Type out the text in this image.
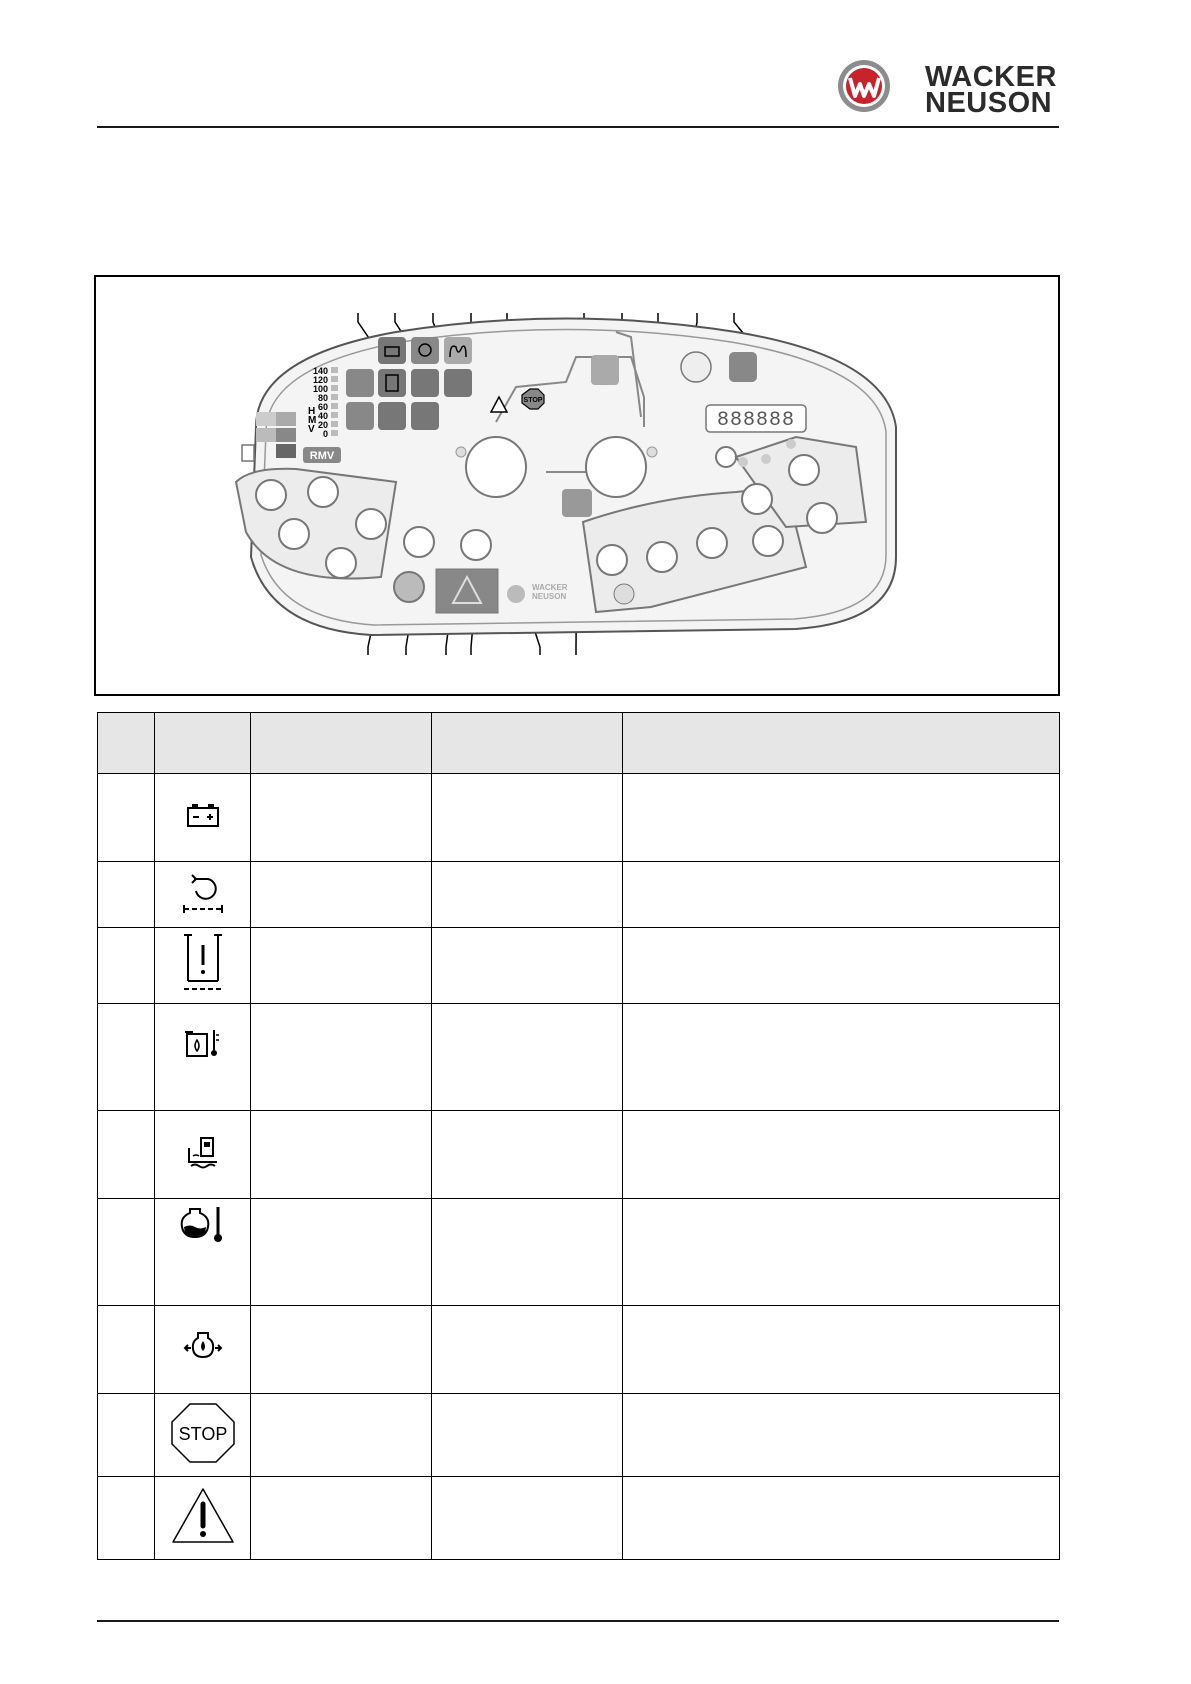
WACKER
NEUSON
140
120
100
80
60
40
20
0
H
M
V
RMV
STOP
888888
WACKER
NEUSON

STOP			
